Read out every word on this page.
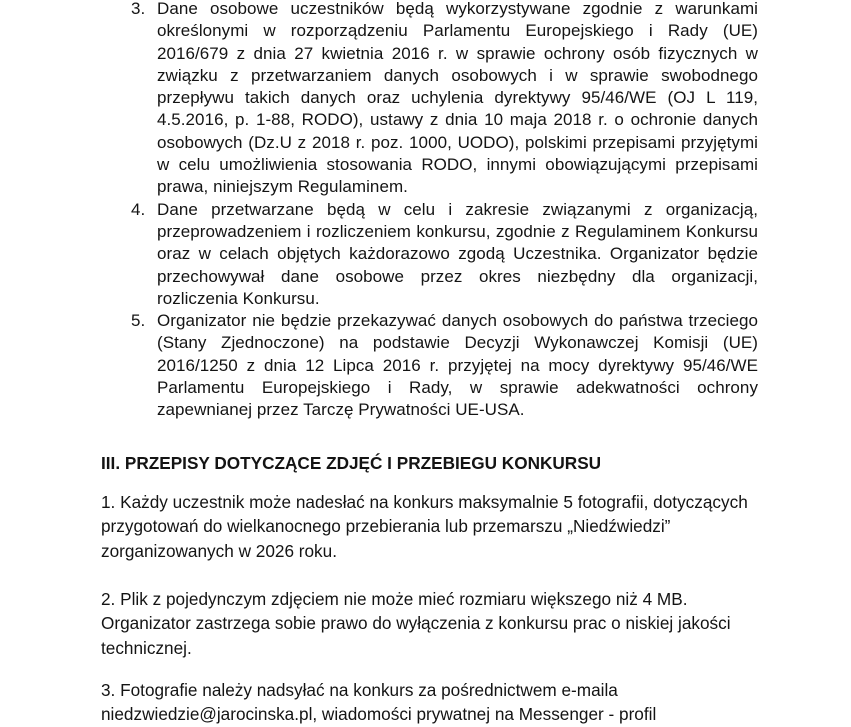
3. Dane osobowe uczestników będą wykorzystywane zgodnie z warunkami określonymi w rozporządzeniu Parlamentu Europejskiego i Rady (UE) 2016/679 z dnia 27 kwietnia 2016 r. w sprawie ochrony osób fizycznych w związku z przetwarzaniem danych osobowych i w sprawie swobodnego przepływu takich danych oraz uchylenia dyrektywy 95/46/WE (OJ L 119, 4.5.2016, p. 1-88, RODO), ustawy z dnia 10 maja 2018 r. o ochronie danych osobowych (Dz.U z 2018 r. poz. 1000, UODO), polskimi przepisami przyjętymi w celu umożliwienia stosowania RODO, innymi obowiązującymi przepisami prawa, niniejszym Regulaminem.
4. Dane przetwarzane będą w celu i zakresie związanymi z organizacją, przeprowadzeniem i rozliczeniem konkursu, zgodnie z Regulaminem Konkursu oraz w celach objętych każdorazowo zgodą Uczestnika. Organizator będzie przechowywał dane osobowe przez okres niezbędny dla organizacji, rozliczenia Konkursu.
5. Organizator nie będzie przekazywać danych osobowych do państwa trzeciego (Stany Zjednoczone) na podstawie Decyzji Wykonawczej Komisji (UE) 2016/1250 z dnia 12 Lipca 2016 r. przyjętej na mocy dyrektywy 95/46/WE Parlamentu Europejskiego i Rady, w sprawie adekwatności ochrony zapewnianej przez Tarczę Prywatności UE-USA.
III. PRZEPISY DOTYCZĄCE ZDJĘĆ I PRZEBIEGU KONKURSU

1. Każdy uczestnik może nadesłać na konkurs maksymalnie 5 fotografii, dotyczących przygotowań do wielkanocnego przebierania lub przemarszu „Niedźwiedzi” zorganizowanych w 2026 roku.

2. Plik z pojedynczym zdjęciem nie może mieć rozmiaru większego niż 4 MB. Organizator zastrzega sobie prawo do wyłączenia z konkursu prac o niskiej jakości technicznej.

3. Fotografie należy nadsyłać na konkurs za pośrednictwem e-maila niedzwiedzie@jarocinska.pl, wiadomości prywatnej na Messenger - profil
